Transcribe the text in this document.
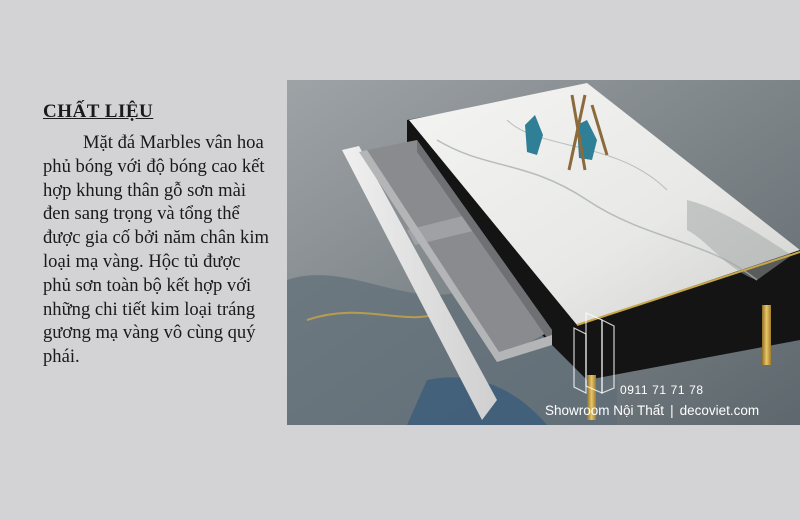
CHẤT LIỆU

Mặt đá Marbles vân hoa phủ bóng với độ bóng cao kết hợp khung thân gỗ sơn mài đen sang trọng và tổng thể được gia cố bởi năm chân kim loại mạ vàng. Hộc tủ được phủ sơn toàn bộ kết hợp với những chi tiết kim loại tráng gương mạ vàng vô cùng quý phái.

0911 71 71 78
Showroom Nội Thất | decoviet.com
